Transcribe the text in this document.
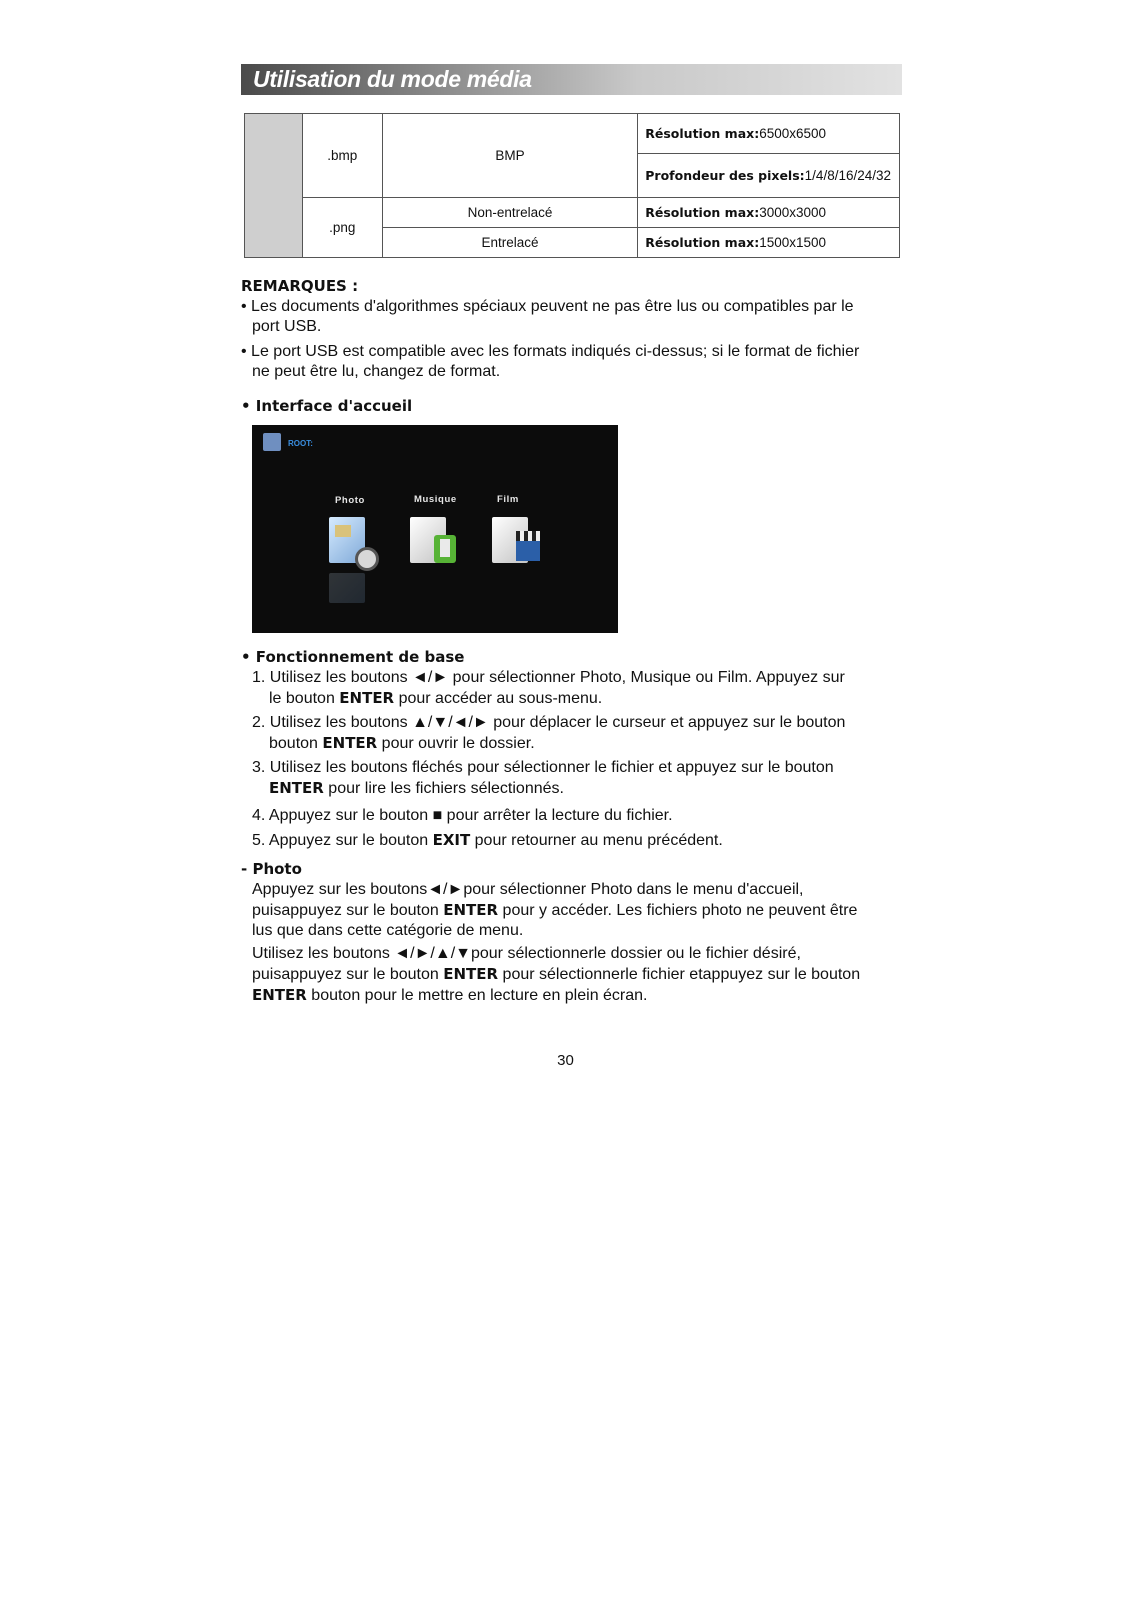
Utilisation du mode média
	.bmp	BMP	Résolution max:6500x6500
			Profondeur des pixels:1/4/8/16/24/32
	.png	Non-entrelacé	Résolution max:3000x3000
		Entrelacé	Résolution max:1500x1500
REMARQUES :
• Les documents d'algorithmes spéciaux peuvent ne pas être lus ou compatibles par le
port USB.
• Le port USB est compatible avec les formats indiqués ci-dessus; si le format de fichier
ne peut être lu, changez de format.
• Interface d'accueil
ROOT:
Photo	Musique	Film
• Fonctionnement de base
1. Utilisez les boutons ◄/► pour sélectionner Photo, Musique ou Film. Appuyez sur
le bouton ENTER pour accéder au sous-menu.
2. Utilisez les boutons ▲/▼/◄/► pour déplacer le curseur et appuyez sur le bouton
bouton ENTER pour ouvrir le dossier.
3. Utilisez les boutons fléchés pour sélectionner le fichier et appuyez sur le bouton
ENTER pour lire les fichiers sélectionnés.
4. Appuyez sur le bouton ■ pour arrêter la lecture du fichier.
5. Appuyez sur le bouton EXIT pour retourner au menu précédent.
- Photo
Appuyez sur les boutons◄/►pour sélectionner Photo dans le menu d'accueil,
puisappuyez sur le bouton ENTER pour y accéder. Les fichiers photo ne peuvent être
lus que dans cette catégorie de menu.
Utilisez les boutons ◄/►/▲/▼pour sélectionnerle dossier ou le fichier désiré,
puisappuyez sur le bouton ENTER pour sélectionnerle fichier etappuyez sur le bouton
ENTER bouton pour le mettre en lecture en plein écran.
30
